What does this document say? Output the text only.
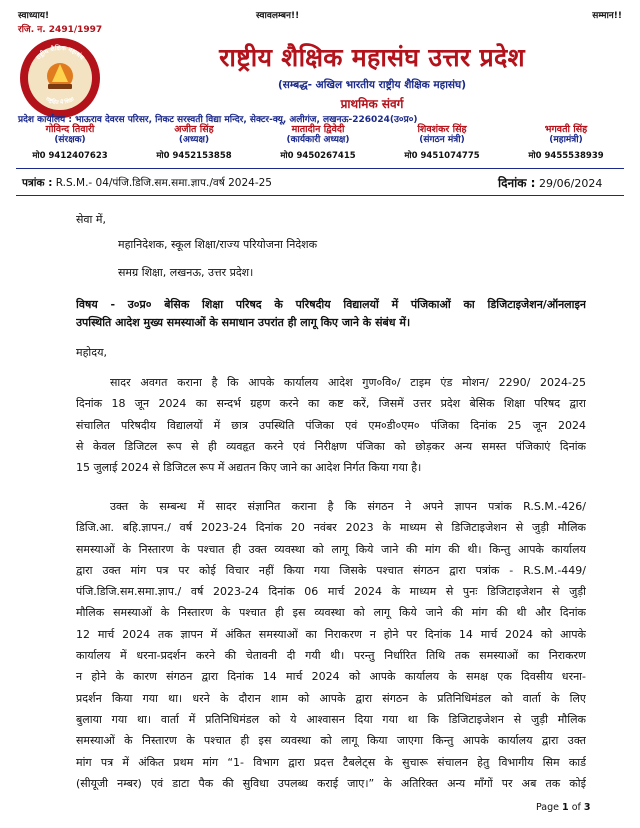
स्वाध्याय!	स्वावलम्बन!!	सम्मान!!
रजि. न. 2491/1997
राष्ट्रीय शैक्षिक महासंघ
राष्ट्रहित में शिक्षा
राष्ट्रीय शैक्षिक महासंघ उत्तर प्रदेश
(सम्बद्ध- अखिल भारतीय राष्ट्रीय शैक्षिक महासंघ)
प्राथमिक संवर्ग
प्रदेश कार्यालय : भाऊराव देवरस परिसर, निकट सरस्वती विद्या मन्दिर, सेक्टर-क्यू, अलीगंज, लखनऊ-226024(उ०प्र०)
गोविन्द तिवारी
(संरक्षक)
मो0 9412407623
अजीत सिंह
(अध्यक्ष)
मो0 9452153858
मातादीन द्विवेदी
(कार्यकारी अध्यक्ष)
मो0 9450267415
शिवशंकर सिंह
(संगठन मंत्री)
मो0 9451074775
भगवती सिंह
(महामंत्री)
मो0 9455538939
पत्रांक : R.S.M.- 04/पंजि.डिजि.सम.समा.ज्ञाप./वर्ष 2024-25	दिनांक : 29/06/2024
सेवा में,
महानिदेशक, स्कूल शिक्षा/राज्य परियोजना निदेशक
समग्र शिक्षा, लखनऊ, उत्तर प्रदेश।
विषय - उ०प्र० बेसिक शिक्षा परिषद के परिषदीय विद्यालयों में पंजिकाओं का डिजिटाइजेशन/ऑनलाइन
उपस्थिति आदेश मुख्य समस्याओं के समाधान उपरांत ही लागू किए जाने के संबंध में।
महोदय,
सादर अवगत कराना है कि आपके कार्यालय आदेश गुण०वि०/ टाइम एंड मोशन/ 2290/ 2024-25
दिनांक 18 जून 2024 का सन्दर्भ ग्रहण करने का कष्ट करें, जिसमें उत्तर प्रदेश बेसिक शिक्षा परिषद द्वारा
संचालित परिषदीय विद्यालयों में छात्र उपस्थिति पंजिका एवं एम०डी०एम० पंजिका दिनांक 25 जून 2024
से केवल डिजिटल रूप से ही व्यवहृत करने एवं निरीक्षण पंजिका को छोड़कर अन्य समस्त पंजिकाएं दिनांक
15 जुलाई 2024 से डिजिटल रूप में अद्यतन किए जाने का आदेश निर्गत किया गया है।
उक्त के सम्बन्ध में सादर संज्ञानित कराना है कि संगठन ने अपने ज्ञापन पत्रांक R.S.M.-426/
डिजि.आ. बहि.ज्ञापन./ वर्ष 2023-24 दिनांक 20 नवंबर 2023 के माध्यम से डिजिटाइजेशन से जुड़ी मौलिक
समस्याओं के निस्तारण के पश्चात ही उक्त व्यवस्था को लागू किये जाने की मांग की थी। किन्तु आपके कार्यालय
द्वारा उक्त मांग पत्र पर कोई विचार नहीं किया गया जिसके पश्चात संगठन द्वारा पत्रांक - R.S.M.-449/
पंजि.डिजि.सम.समा.ज्ञाप./ वर्ष 2023-24 दिनांक 06 मार्च 2024 के माध्यम से पुनः डिजिटाइजेशन से जुड़ी
मौलिक समस्याओं के निस्तारण के पश्चात ही इस व्यवस्था को लागू किये जाने की मांग की थी और दिनांक
12 मार्च 2024 तक ज्ञापन में अंकित समस्याओं का निराकरण न होने पर दिनांक 14 मार्च 2024 को आपके
कार्यालय में धरना-प्रदर्शन करने की चेतावनी दी गयी थी। परन्तु निर्धारित तिथि तक समस्याओं का निराकरण
न होने के कारण संगठन द्वारा दिनांक 14 मार्च 2024 को आपके कार्यालय के समक्ष एक दिवसीय धरना-
प्रदर्शन किया गया था। धरने के दौरान शाम को आपके द्वारा संगठन के प्रतिनिधिमंडल को वार्ता के लिए
बुलाया गया था। वार्ता में प्रतिनिधिमंडल को ये आश्वासन दिया गया था कि डिजिटाइजेशन से जुड़ी मौलिक
समस्याओं के निस्तारण के पश्चात ही इस व्यवस्था को लागू किया जाएगा किन्तु आपके कार्यालय द्वारा उक्त
मांग पत्र में अंकित प्रथम मांग “1- विभाग द्वारा प्रदत्त टैबलेट्स के सुचारू संचालन हेतु विभागीय सिम कार्ड
(सीयूजी नम्बर) एवं डाटा पैक की सुविधा उपलब्ध कराई जाए।” के अतिरिक्त अन्य माँगों पर अब तक कोई
Page 1 of 3
